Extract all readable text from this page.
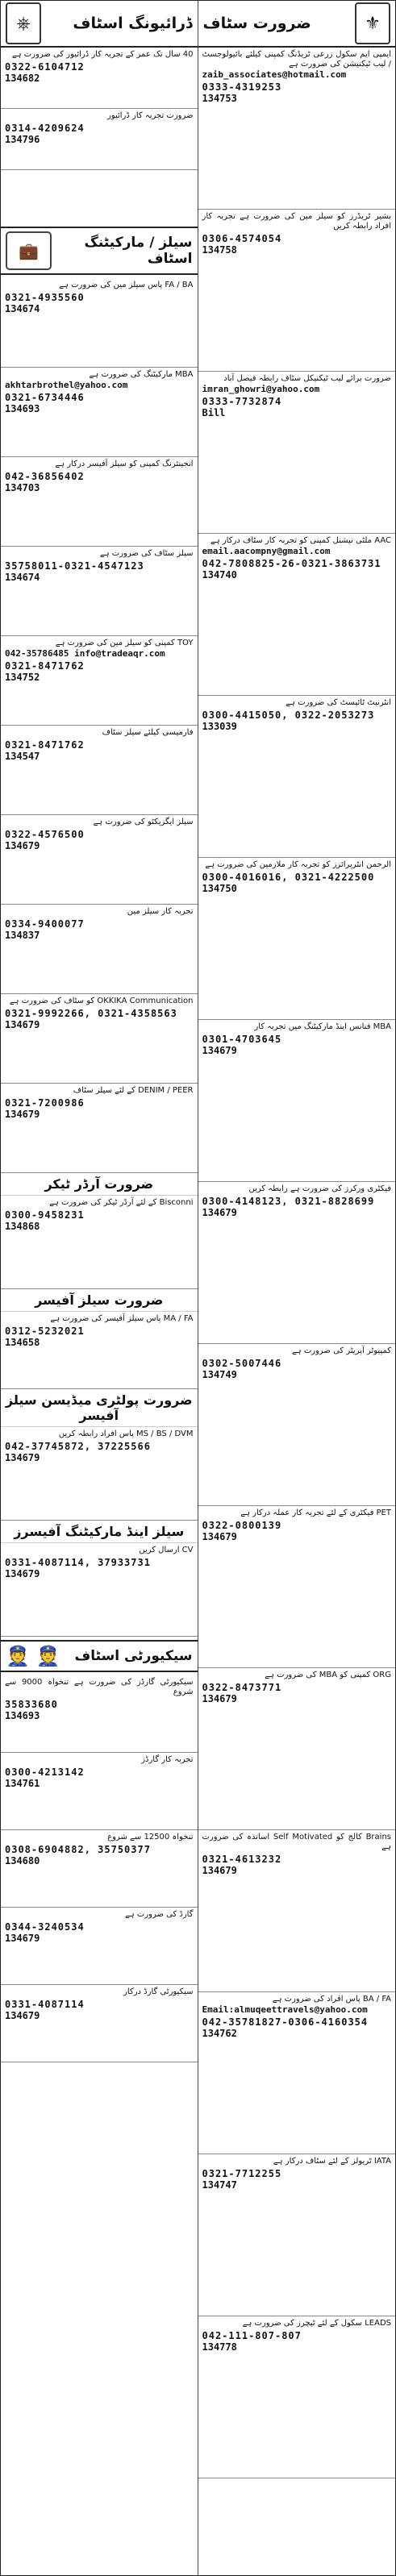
⎈	ڈرائیونگ اسٹاف
40 سال تک عمر کے تجربہ کار ڈرائیور کی ضرورت ہے
0322-6104712
134682
ضرورت تجربہ کار ڈرائیور
0314-4209624
134796
💼	سیلز / مارکیٹنگ اسٹاف
FA / BA پاس سیلز مین کی ضرورت ہے
0321-4935560
134674
MBA مارکیٹنگ کی ضرورت ہے
akhtarbrothel@yahoo.com
0321-6734446
134693
انجینئرنگ کمپنی کو سیلز آفیسر درکار ہے
042-36856402
134703
سیلز سٹاف کی ضرورت ہے
35758011-0321-4547123
134674
TOY کمپنی کو سیلز مین کی ضرورت ہے
042-35786485 info@tradeaqr.com
0321-8471762
134752
فارمیسی کیلئے سیلز سٹاف
0321-8471762
134547
سیلز ایگزیکٹو کی ضرورت ہے
0322-4576500
134679
تجربہ کار سیلز مین
0334-9400077
134837
OKKIKA Communication کو سٹاف کی ضرورت ہے
0321-9992266, 0321-4358563
134679
DENIM / PEER کے لئے سیلز سٹاف
0321-7200986
134679
ضرورت آرڈر ٹیکر
Bisconni کے لئے آرڈر ٹیکر کی ضرورت ہے
0300-9458231
134868
ضرورت سیلز آفیسر
MA / FA پاس سیلز آفیسر کی ضرورت ہے
0312-5232021
134658
ضرورت پولٹری میڈیسن سیلز آفیسر
MS / BS / DVM پاس افراد رابطہ کریں
042-37745872, 37225566
134679
سیلز اینڈ مارکیٹنگ آفیسرز
CV ارسال کریں
0331-4087114, 37933731
134679
👮 👮 سیکیورٹی اسٹاف
سیکیورٹی گارڈز کی ضرورت ہے تنخواہ 9000 سے شروع
35833680
134693
تجربہ کار گارڈز
0300-4213142
134761
تنخواہ 12500 سے شروع
0308-6904882, 35750377
134680
گارڈ کی ضرورت ہے
0344-3240534
134679
سیکیورٹی گارڈ درکار
0331-4087114
134679
ضرورت سٹاف	⚜
ایمپی ایم سکول زرعی ٹریڈنگ کمپنی کیلئے بائیولوجسٹ / لیب ٹیکنیشن کی ضرورت ہے
zaib_associates@hotmail.com
0333-4319253
134753
بشیر ٹریڈرز کو سیلز مین کی ضرورت ہے تجربہ کار افراد رابطہ کریں
0306-4574054
134758
ضرورت برائے لیب ٹیکنیکل سٹاف رابطہ فیصل آباد
imran_ghowri@yahoo.com
0333-7732874
Bill
AAC ملٹی نیشنل کمپنی کو تجربہ کار سٹاف درکار ہے
email.aacompny@gmail.com
042-7808825-26-0321-3863731
134740
انٹرنیٹ ٹائپسٹ کی ضرورت ہے
0300-4415050, 0322-2053273
133039
الرحمن انٹرپرائزز کو تجربہ کار ملازمین کی ضرورت ہے
0300-4016016, 0321-4222500
134750
MBA فنانس اینڈ مارکیٹنگ میں تجربہ کار
0301-4703645
134679
فیکٹری ورکرز کی ضرورت ہے رابطہ کریں
0300-4148123, 0321-8828699
134679
کمپیوٹر آپریٹر کی ضرورت ہے
0302-5007446
134749
PET فیکٹری کے لئے تجربہ کار عملہ درکار ہے
0322-0800139
134679
ORG کمپنی کو MBA کی ضرورت ہے
0322-8473771
134679
Brains کالج کو Self Motivated اساتذہ کی ضرورت ہے
0321-4613232
134679
BA / FA پاس افراد کی ضرورت ہے
Email:almuqeettravels@yahoo.com
042-35781827-0306-4160354
134762
IATA ٹریولز کے لئے سٹاف درکار ہے
0321-7712255
134747
LEADS سکول کے لئے ٹیچرز کی ضرورت ہے
042-111-807-807
134778
